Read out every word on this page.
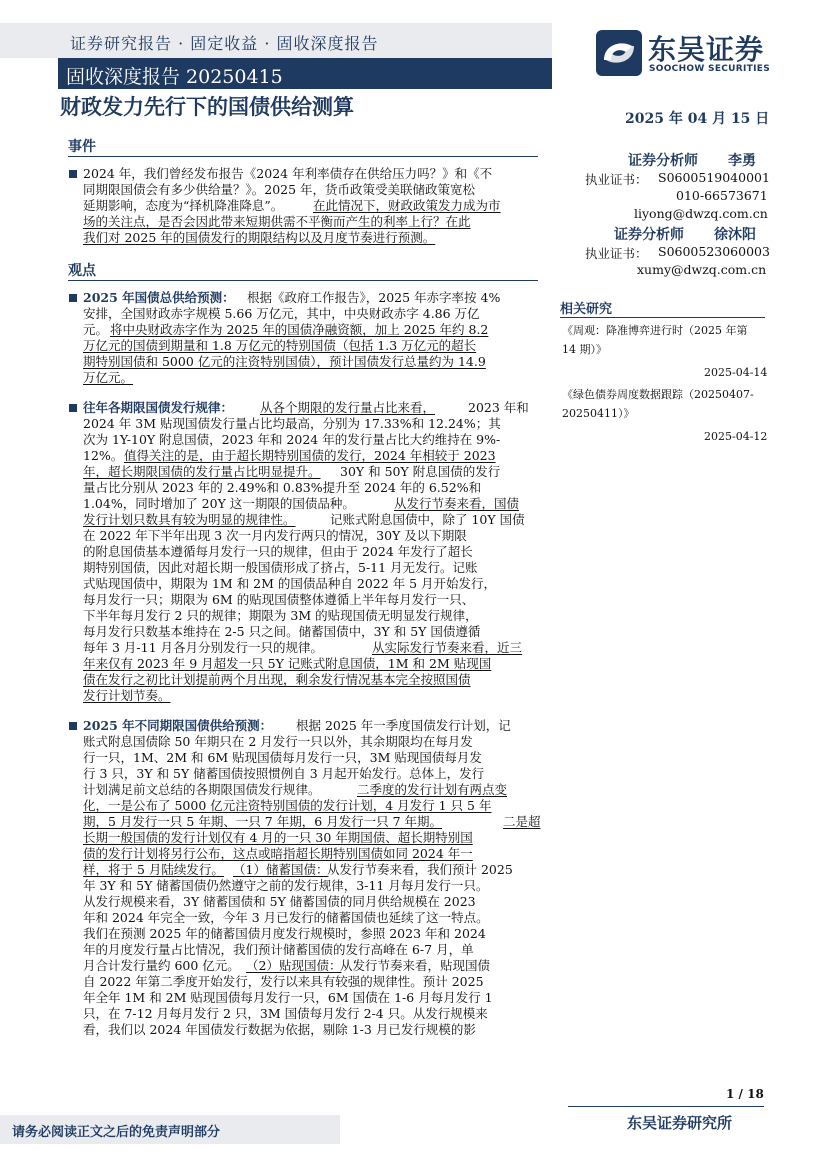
证券研究报告 · 固定收益 · 固收深度报告
固收深度报告 20250415
东吴证券
SOOCHOW SECURITIES
财政发力先行下的国债供给测算	2025 年 04 月 15 日
事件
2024 年，我们曾经发布报告《2024 年利率债存在供给压力吗？》和《不
同期限国债会有多少供给量？》。2025 年，货币政策受美联储政策宽松
延期影响，态度为“择机降准降息”。 在此情况下，财政政策发力成为市
场的关注点，是否会因此带来短期供需不平衡而产生的利率上行？在此
我们对 2025 年的国债发行的期限结构以及月度节奏进行预测。
观点
2025 年国债总供给预测： 根据《政府工作报告》，2025 年赤字率按 4%
安排，全国财政赤字规模 5.66 万亿元，其中，中央财政赤字 4.86 万亿
元。 将中央财政赤字作为 2025 年的国债净融资额，加上 2025 年约 8.2
万亿元的国债到期量和 1.8 万亿元的特别国债（包括 1.3 万亿元的超长
期特别国债和 5000 亿元的注资特别国债），预计国债发行总量约为 14.9
万亿元。
往年各期限国债发行规律： 从各个期限的发行量占比来看，	2023 年和
2024 年 3M 贴现国债发行量占比均最高，分别为 17.33%和 12.24%；其
次为 1Y-10Y 附息国债，2023 年和 2024 年的发行量占比大约维持在 9%-
12%。 值得关注的是，由于超长期特别国债的发行，2024 年相较于 2023
年，超长期限国债的发行量占比明显提升。 30Y 和 50Y 附息国债的发行
量占比分别从 2023 年的 2.49%和 0.83%提升至 2024 年的 6.52%和
1.04%，同时增加了 20Y 这一期限的国债品种。	从发行节奏来看，国债
发行计划只数具有较为明显的规律性。	记账式附息国债中，除了 10Y 国债
在 2022 年下半年出现 3 次一月内发行两只的情况，30Y 及以下期限
的附息国债基本遵循每月发行一只的规律，但由于 2024 年发行了超长
期特别国债，因此对超长期一般国债形成了挤占，5-11 月无发行。记账
式贴现国债中，期限为 1M 和 2M 的国债品种自 2022 年 5 月开始发行，
每月发行一只；期限为 6M 的贴现国债整体遵循上半年每月发行一只、
下半年每月发行 2 只的规律；期限为 3M 的贴现国债无明显发行规律，
每月发行只数基本维持在 2-5 只之间。储蓄国债中，3Y 和 5Y 国债遵循
每年 3 月-11 月各月分别发行一只的规律。	从实际发行节奏来看，近三
年来仅有 2023 年 9 月超发一只 5Y 记账式附息国债，1M 和 2M 贴现国
债在发行之初比计划提前两个月出现，剩余发行情况基本完全按照国债
发行计划节奏。
2025 年不同期限国债供给预测： 根据 2025 年一季度国债发行计划，记
账式附息国债除 50 年期只在 2 月发行一只以外，其余期限均在每月发
行一只，1M、2M 和 6M 贴现国债每月发行一只，3M 贴现国债每月发
行 3 只，3Y 和 5Y 储蓄国债按照惯例自 3 月起开始发行。总体上，发行
计划满足前文总结的各期限国债发行规律。	二季度的发行计划有两点变
化，一是公布了 5000 亿元注资特别国债的发行计划，4 月发行 1 只 5 年
期，5 月发行一只 5 年期、一只 7 年期，6 月发行一只 7 年期。	二是超
长期一般国债的发行计划仅有 4 月的一只 30 年期国债、超长期特别国
债的发行计划将另行公布，这点或暗指超长期特别国债如同 2024 年一
样，将于 5 月陆续发行。 （1）储蓄国债：
从发行节奏来看，我们预计 2025
年 3Y 和 5Y 储蓄国债仍然遵守之前的发行规律，3-11 月每月发行一只。
从发行规模来看，3Y 储蓄国债和 5Y 储蓄国债的同月供给规模在 2023
年和 2024 年完全一致，今年 3 月已发行的储蓄国债也延续了这一特点。
我们在预测 2025 年的储蓄国债月度发行规模时，参照 2023 年和 2024
年的月度发行量占比情况，我们预计储蓄国债的发行高峰在 6-7 月，单
月合计发行量约 600 亿元。 （2）贴现国债：
从发行节奏来看，贴现国债
自 2022 年第二季度开始发行，发行以来具有较强的规律性。预计 2025
年全年 1M 和 2M 贴现国债每月发行一只，6M 国债在 1-6 月每月发行 1
只，在 7-12 月每月发行 2 只，3M 国债每月发行 2-4 只。从发行规模来
看，我们以 2024 年国债发行数据为依据，剔除 1-3 月已发行规模的影
证券分析师 李勇
执业证书： S0600519040001
010-66573671
liyong@dwzq.com.cn
证券分析师 徐沐阳
执业证书： S0600523060003
xumy@dwzq.com.cn
相关研究
《周观：降准博弈进行时（2025 年第
14 期）》
2025-04-14
《绿色债券周度数据跟踪（20250407-
20250411）》
2025-04-12
1 / 18
东吴证券研究所
请务必阅读正文之后的免责声明部分
